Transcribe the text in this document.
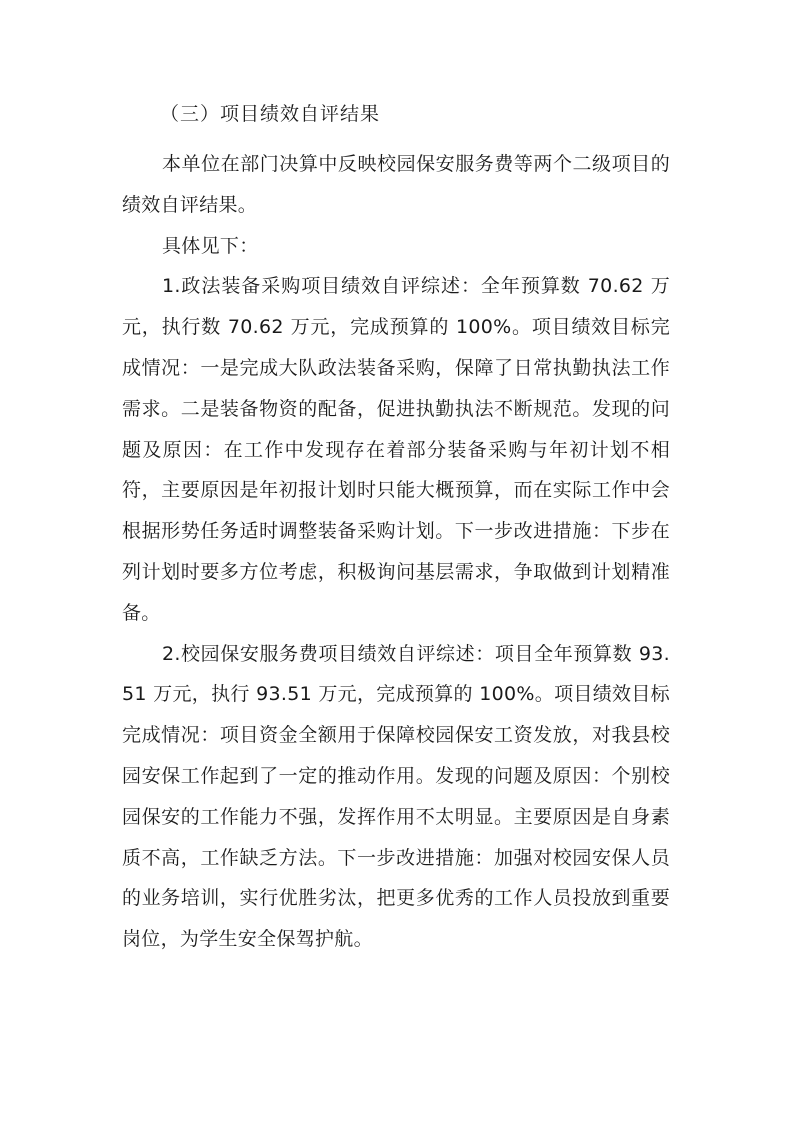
（三）项目绩效自评结果

本单位在部门决算中反映校园保安服务费等两个二级项目的绩效自评结果。

具体见下：

1.政法装备采购项目绩效自评综述：全年预算数 70.62 万元，执行数 70.62 万元，完成预算的 100%。项目绩效目标完成情况：一是完成大队政法装备采购，保障了日常执勤执法工作需求。二是装备物资的配备，促进执勤执法不断规范。发现的问题及原因：在工作中发现存在着部分装备采购与年初计划不相符，主要原因是年初报计划时只能大概预算，而在实际工作中会根据形势任务适时调整装备采购计划。下一步改进措施：下步在列计划时要多方位考虑，积极询问基层需求，争取做到计划精准备。

2.校园保安服务费项目绩效自评综述：项目全年预算数 93.51 万元，执行 93.51 万元，完成预算的 100%。项目绩效目标完成情况：项目资金全额用于保障校园保安工资发放，对我县校园安保工作起到了一定的推动作用。发现的问题及原因：个别校园保安的工作能力不强，发挥作用不太明显。主要原因是自身素质不高，工作缺乏方法。下一步改进措施：加强对校园安保人员的业务培训，实行优胜劣汰，把更多优秀的工作人员投放到重要岗位，为学生安全保驾护航。
